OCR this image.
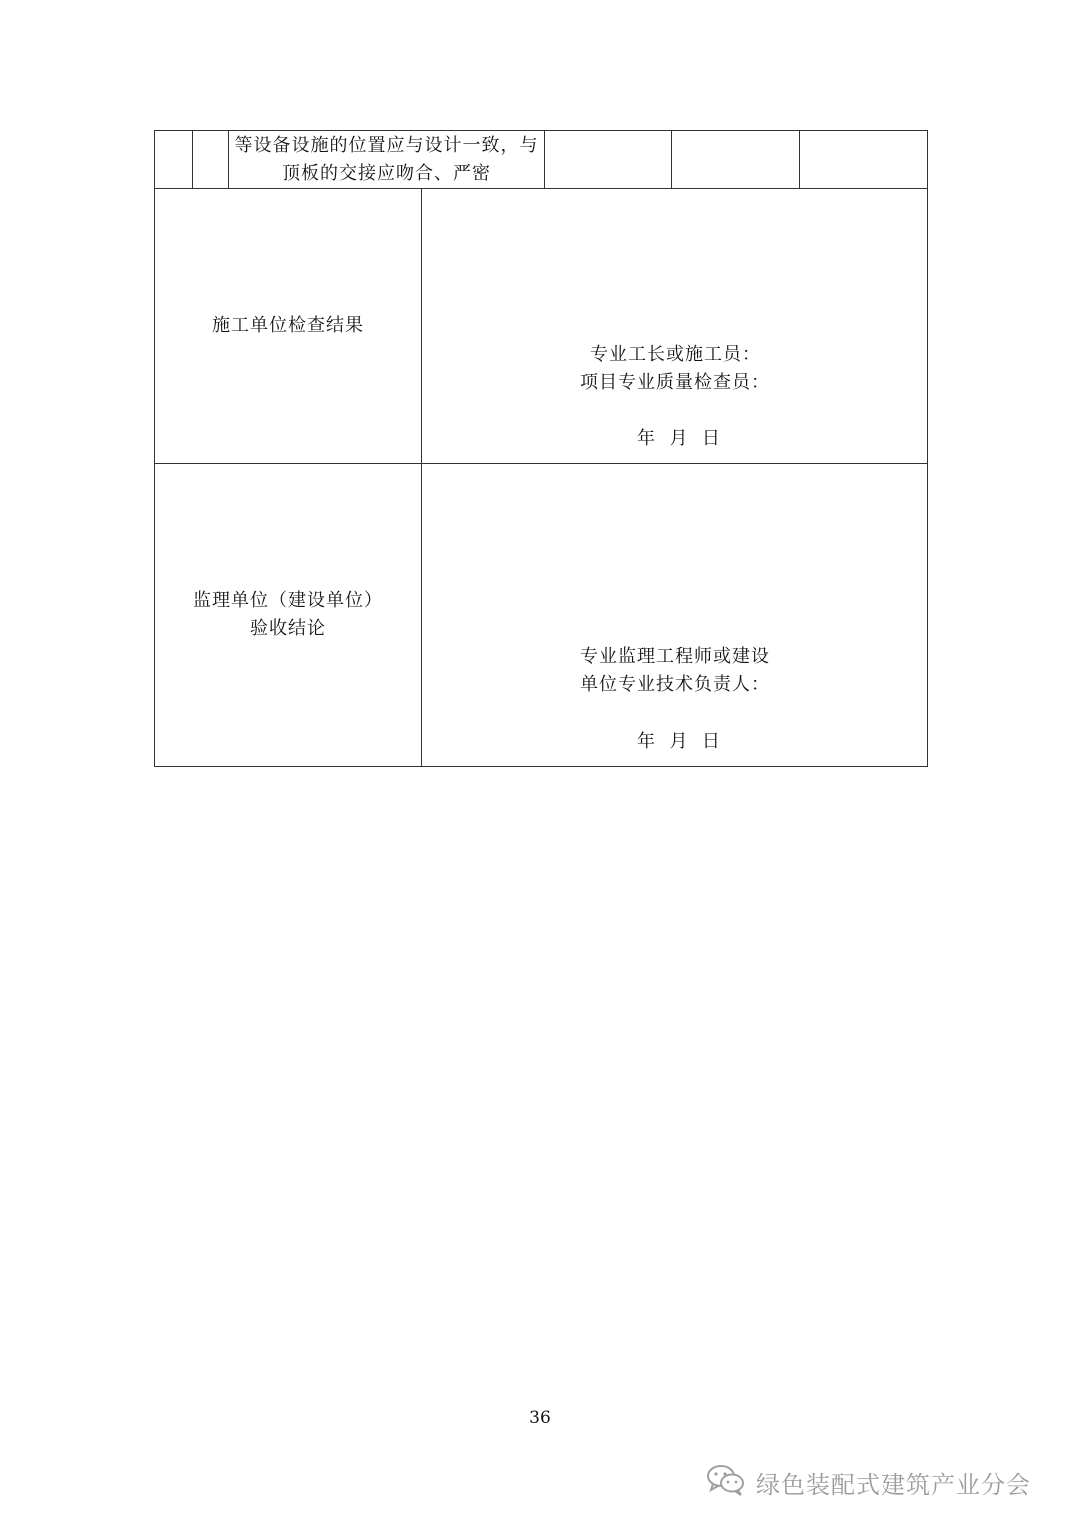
等设备设施的位置应与设计一致，与
顶板的交接应吻合、严密
施工单位检查结果
专业工长或施工员：
项目专业质量检查员：
年  月  日
监理单位（建设单位）
验收结论
专业监理工程师或建设
单位专业技术负责人：
年  月  日
36
绿色装配式建筑产业分会
